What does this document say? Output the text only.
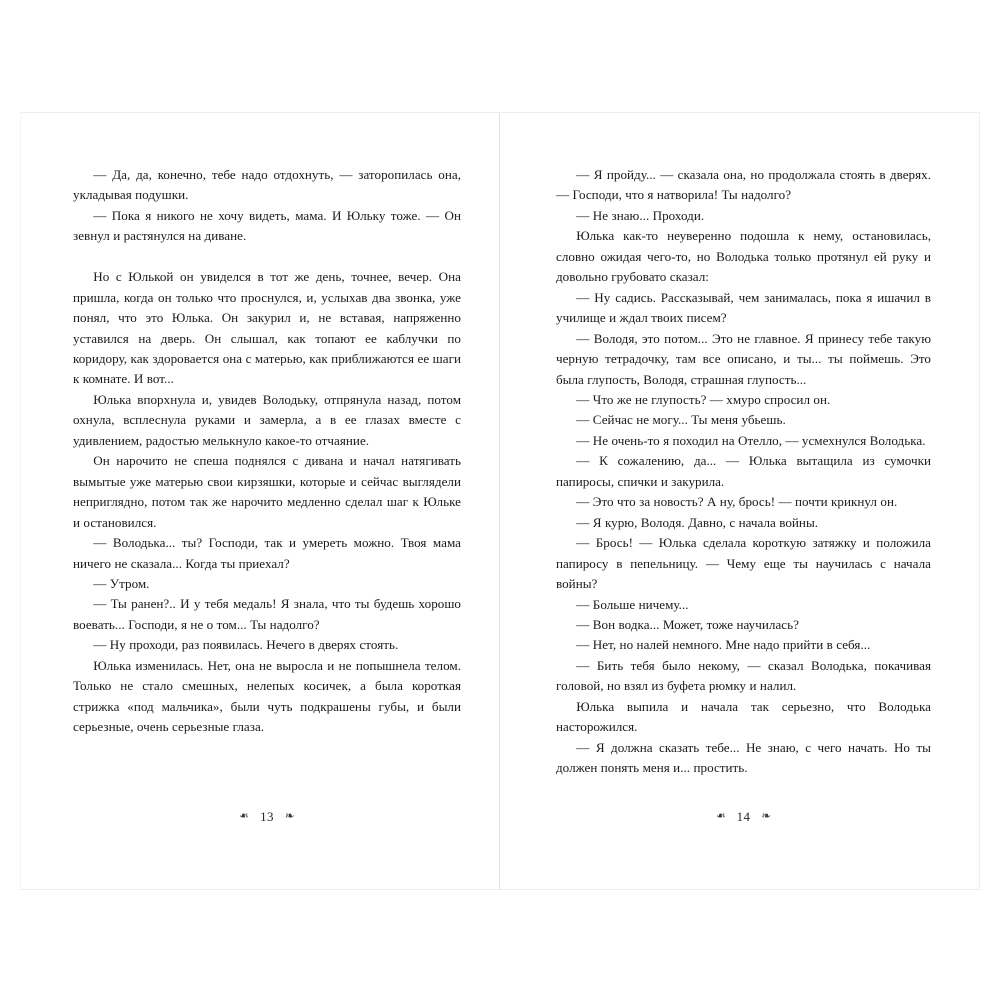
— Да, да, конечно, тебе надо отдохнуть, — заторопилась она, укладывая подушки.

— Пока я никого не хочу видеть, мама. И Юльку тоже. — Он зевнул и растянулся на диване.

Но с Юлькой он увиделся в тот же день, точнее, вечер. Она пришла, когда он только что проснулся, и, услыхав два звонка, уже понял, что это Юлька. Он закурил и, не вставая, напряженно уставился на дверь. Он слышал, как топают ее каблучки по коридору, как здоровается она с матерью, как приближаются ее шаги к комнате. И вот...

Юлька впорхнула и, увидев Володьку, отпрянула назад, потом охнула, всплеснула руками и замерла, а в ее глазах вместе с удивлением, радостью мелькнуло какое-то отчаяние.

Он нарочито не спеша поднялся с дивана и начал натягивать вымытые уже матерью свои кирзяшки, которые и сейчас выглядели неприглядно, потом так же нарочито медленно сделал шаг к Юльке и остановился.

— Володька... ты? Господи, так и умереть можно. Твоя мама ничего не сказала... Когда ты приехал?

— Утром.

— Ты ранен?.. И у тебя медаль! Я знала, что ты будешь хорошо воевать... Господи, я не о том... Ты надолго?

— Ну проходи, раз появилась. Нечего в дверях стоять.

Юлька изменилась. Нет, она не выросла и не попышнела телом. Только не стало смешных, нелепых косичек, а была короткая стрижка «под мальчика», были чуть подкрашены губы, и были серьезные, очень серьезные глаза.

❧ 13 ❧

— Я пройду... — сказала она, но продолжала стоять в дверях. — Господи, что я натворила! Ты надолго?

— Не знаю... Проходи.

Юлька как-то неуверенно подошла к нему, остановилась, словно ожидая чего-то, но Володька только протянул ей руку и довольно грубовато сказал:

— Ну садись. Рассказывай, чем занималась, пока я ишачил в училище и ждал твоих писем?

— Володя, это потом... Это не главное. Я принесу тебе такую черную тетрадочку, там все описано, и ты... ты поймешь. Это была глупость, Володя, страшная глупость...

— Что же не глупость? — хмуро спросил он.

— Сейчас не могу... Ты меня убьешь.

— Не очень-то я походил на Отелло, — усмехнулся Володька.

— К сожалению, да... — Юлька вытащила из сумочки папиросы, спички и закурила.

— Это что за новость? А ну, брось! — почти крикнул он.

— Я курю, Володя. Давно, с начала войны.

— Брось! — Юлька сделала короткую затяжку и положила папиросу в пепельницу. — Чему еще ты научилась с начала войны?

— Больше ничему...

— Вон водка... Может, тоже научилась?

— Нет, но налей немного. Мне надо прийти в себя...

— Бить тебя было некому, — сказал Володька, покачивая головой, но взял из буфета рюмку и налил.

Юлька выпила и начала так серьезно, что Володька насторожился.

— Я должна сказать тебе... Не знаю, с чего начать. Но ты должен понять меня и... простить.

❧ 14 ❧
